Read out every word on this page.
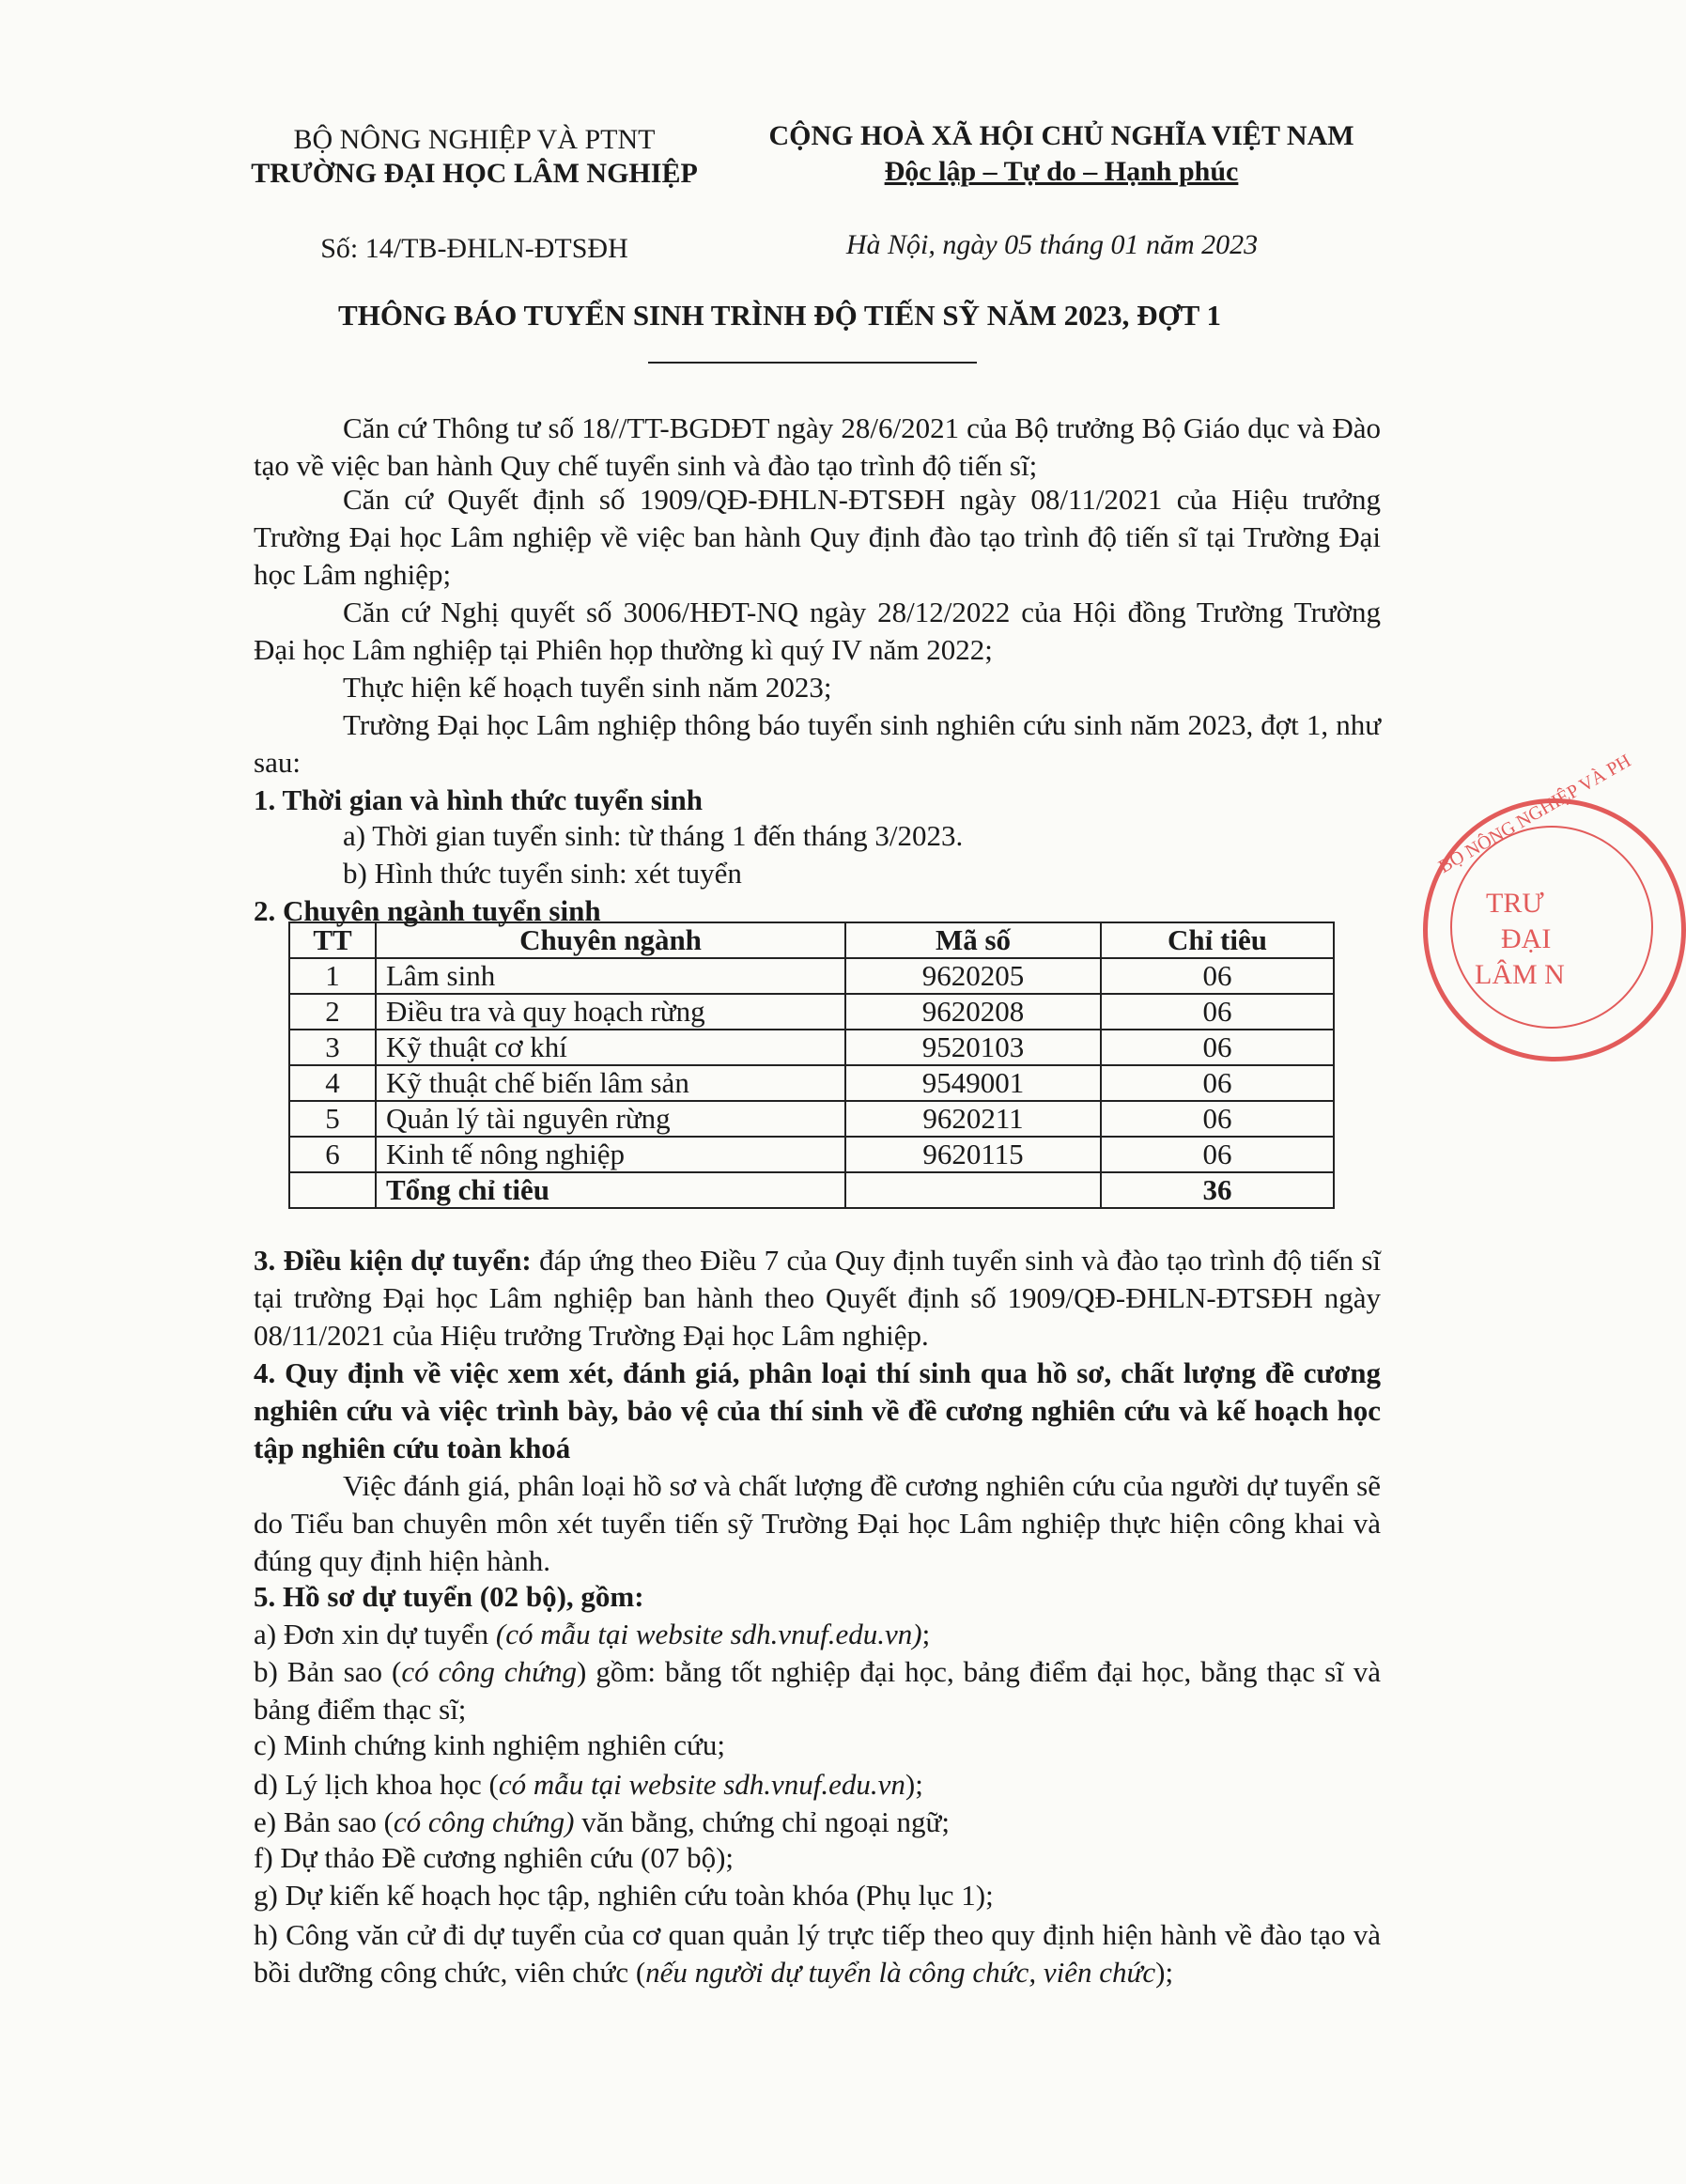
BỘ NÔNG NGHIỆP VÀ PTNT
TRƯỜNG ĐẠI HỌC LÂM NGHIỆP
CỘNG HOÀ XÃ HỘI CHỦ NGHĨA VIỆT NAM
Độc lập – Tự do – Hạnh phúc
Số: 14/TB-ĐHLN-ĐTSĐH	Hà Nội, ngày 05 tháng 01 năm 2023
THÔNG BÁO TUYỂN SINH TRÌNH ĐỘ TIẾN SỸ NĂM 2023, ĐỢT 1
Căn cứ Thông tư số 18//TT-BGDĐT ngày 28/6/2021 của Bộ trưởng Bộ Giáo dục và Đào tạo về việc ban hành Quy chế tuyển sinh và đào tạo trình độ tiến sĩ;
Căn cứ Quyết định số 1909/QĐ-ĐHLN-ĐTSĐH ngày 08/11/2021 của Hiệu trưởng Trường Đại học Lâm nghiệp về việc ban hành Quy định đào tạo trình độ tiến sĩ tại Trường Đại học Lâm nghiệp;
Căn cứ Nghị quyết số 3006/HĐT-NQ ngày 28/12/2022 của Hội đồng Trường Trường Đại học Lâm nghiệp tại Phiên họp thường kì quý IV năm 2022;
Thực hiện kế hoạch tuyển sinh năm 2023;
Trường Đại học Lâm nghiệp thông báo tuyển sinh nghiên cứu sinh năm 2023, đợt 1, như sau:
1. Thời gian và hình thức tuyển sinh
a) Thời gian tuyển sinh: từ tháng 1 đến tháng 3/2023.
b) Hình thức tuyển sinh: xét tuyển
2. Chuyên ngành tuyển sinh
TT	Chuyên ngành	Mã số	Chỉ tiêu
1	Lâm sinh	9620205	06
2	Điều tra và quy hoạch rừng	9620208	06
3	Kỹ thuật cơ khí	9520103	06
4	Kỹ thuật chế biến lâm sản	9549001	06
5	Quản lý tài nguyên rừng	9620211	06
6	Kinh tế nông nghiệp	9620115	06
	Tổng chỉ tiêu		36
3. Điều kiện dự tuyển: đáp ứng theo Điều 7 của Quy định tuyển sinh và đào tạo trình độ tiến sĩ tại trường Đại học Lâm nghiệp ban hành theo Quyết định số 1909/QĐ-ĐHLN-ĐTSĐH ngày 08/11/2021 của Hiệu trưởng Trường Đại học Lâm nghiệp.
4. Quy định về việc xem xét, đánh giá, phân loại thí sinh qua hồ sơ, chất lượng đề cương nghiên cứu và việc trình bày, bảo vệ của thí sinh về đề cương nghiên cứu và kế hoạch học tập nghiên cứu toàn khoá
Việc đánh giá, phân loại hồ sơ và chất lượng đề cương nghiên cứu của người dự tuyển sẽ do Tiểu ban chuyên môn xét tuyển tiến sỹ Trường Đại học Lâm nghiệp thực hiện công khai và đúng quy định hiện hành.
5. Hồ sơ dự tuyển (02 bộ), gồm:
a) Đơn xin dự tuyển (có mẫu tại website sdh.vnuf.edu.vn);
b) Bản sao (có công chứng) gồm: bằng tốt nghiệp đại học, bảng điểm đại học, bằng thạc sĩ và bảng điểm thạc sĩ;
c) Minh chứng kinh nghiệm nghiên cứu;
d) Lý lịch khoa học (có mẫu tại website sdh.vnuf.edu.vn);
e) Bản sao (có công chứng) văn bằng, chứng chỉ ngoại ngữ;
f) Dự thảo Đề cương nghiên cứu (07 bộ);
g) Dự kiến kế hoạch học tập, nghiên cứu toàn khóa (Phụ lục 1);
h) Công văn cử đi dự tuyển của cơ quan quản lý trực tiếp theo quy định hiện hành về đào tạo và bồi dưỡng công chức, viên chức (nếu người dự tuyển là công chức, viên chức);
BỘ NÔNG NGHIỆP VÀ PH
TRƯ
ĐẠI
LÂM N
